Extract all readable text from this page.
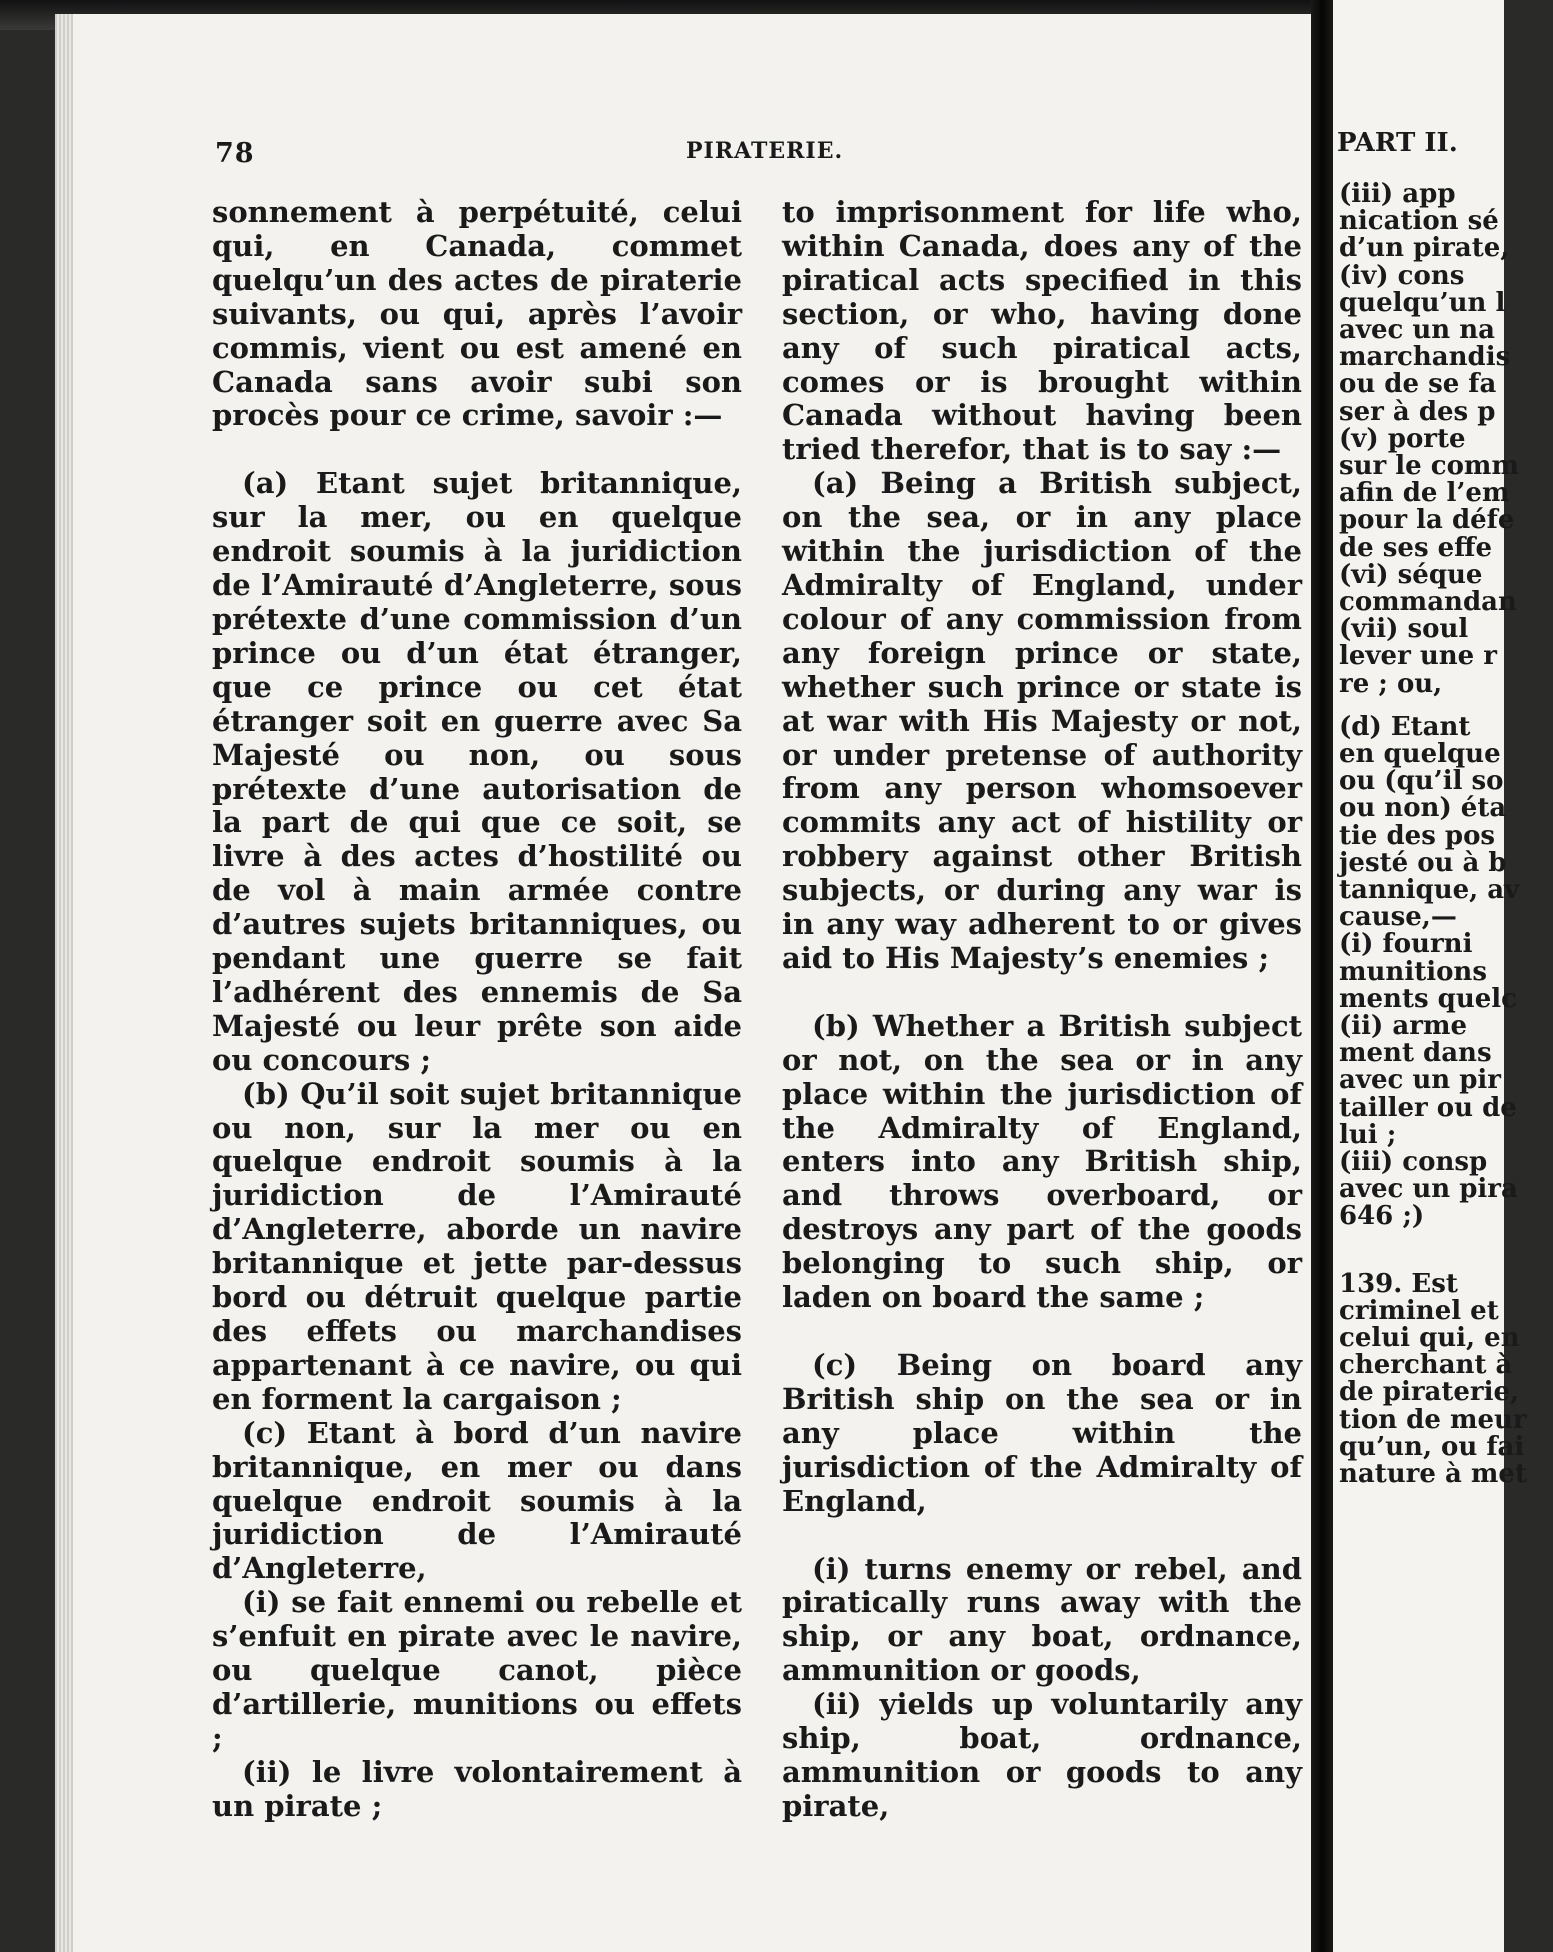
78	PIRATERIE.

sonnement à perpétuité, celui qui, en Canada, commet quelqu’un des actes de piraterie suivants, ou qui, après l’avoir commis, vient ou est amené en Canada sans avoir subi son procès pour ce crime, savoir :—

(a) Etant sujet britannique, sur la mer, ou en quelque endroit soumis à la juridiction de l’Amirauté d’Angleterre, sous prétexte d’une commission d’un prince ou d’un état étranger, que ce prince ou cet état étranger soit en guerre avec Sa Majesté ou non, ou sous prétexte d’une autorisation de la part de qui que ce soit, se livre à des actes d’hostilité ou de vol à main armée contre d’autres sujets britanniques, ou pendant une guerre se fait l’adhérent des ennemis de Sa Majesté ou leur prête son aide ou concours ;

(b) Qu’il soit sujet britannique ou non, sur la mer ou en quelque endroit soumis à la juridiction de l’Amirauté d’Angleterre, aborde un navire britannique et jette par-dessus bord ou détruit quelque partie des effets ou marchandises appartenant à ce navire, ou qui en forment la cargaison ;

(c) Etant à bord d’un navire britannique, en mer ou dans quelque endroit soumis à la juridiction de l’Amirauté d’Angleterre,

(i) se fait ennemi ou rebelle et s’enfuit en pirate avec le navire, ou quelque canot, pièce d’artillerie, munitions ou effets ;

(ii) le livre volontairement à un pirate ;

to imprisonment for life who, within Canada, does any of the piratical acts specified in this section, or who, having done any of such piratical acts, comes or is brought within Canada without having been tried therefor, that is to say :—

(a) Being a British subject, on the sea, or in any place within the jurisdiction of the Admiralty of England, under colour of any commission from any foreign prince or state, whether such prince or state is at war with His Majesty or not, or under pretense of authority from any person whomsoever commits any act of histility or robbery against other British subjects, or during any war is in any way adherent to or gives aid to His Majesty’s enemies ;

(b) Whether a British subject or not, on the sea or in any place within the jurisdiction of the Admiralty of England, enters into any British ship, and throws overboard, or destroys any part of the goods belonging to such ship, or laden on board the same ;

(c) Being on board any British ship on the sea or in any place within the jurisdiction of the Admiralty of England,

(i) turns enemy or rebel, and piratically runs away with the ship, or any boat, ordnance, ammunition or goods,

(ii) yields up voluntarily any ship, boat, ordnance, ammunition or goods to any pirate,

PART II.
(iii) app
nication sé
d’un pirate,
(iv) cons
quelqu’un l
avec un na
marchandis
ou de se fa
ser à des p
(v) porte
sur le comm
afin de l’em
pour la défe
de ses effe
(vi) séque
commandan
(vii) soul
lever une r
re ; ou,
(d) Etant
en quelque
ou (qu’il so
ou non) éta
tie des pos
jesté ou à b
tannique, av
cause,—
(i) fourni
munitions
ments quelc
(ii) arme
ment dans
avec un pir
tailler ou de
lui ;
(iii) consp
avec un pira
646 ;)
139. Est
criminel et
celui qui, en
cherchant à
de piraterie,
tion de meur
qu’un, ou fai
nature à met
